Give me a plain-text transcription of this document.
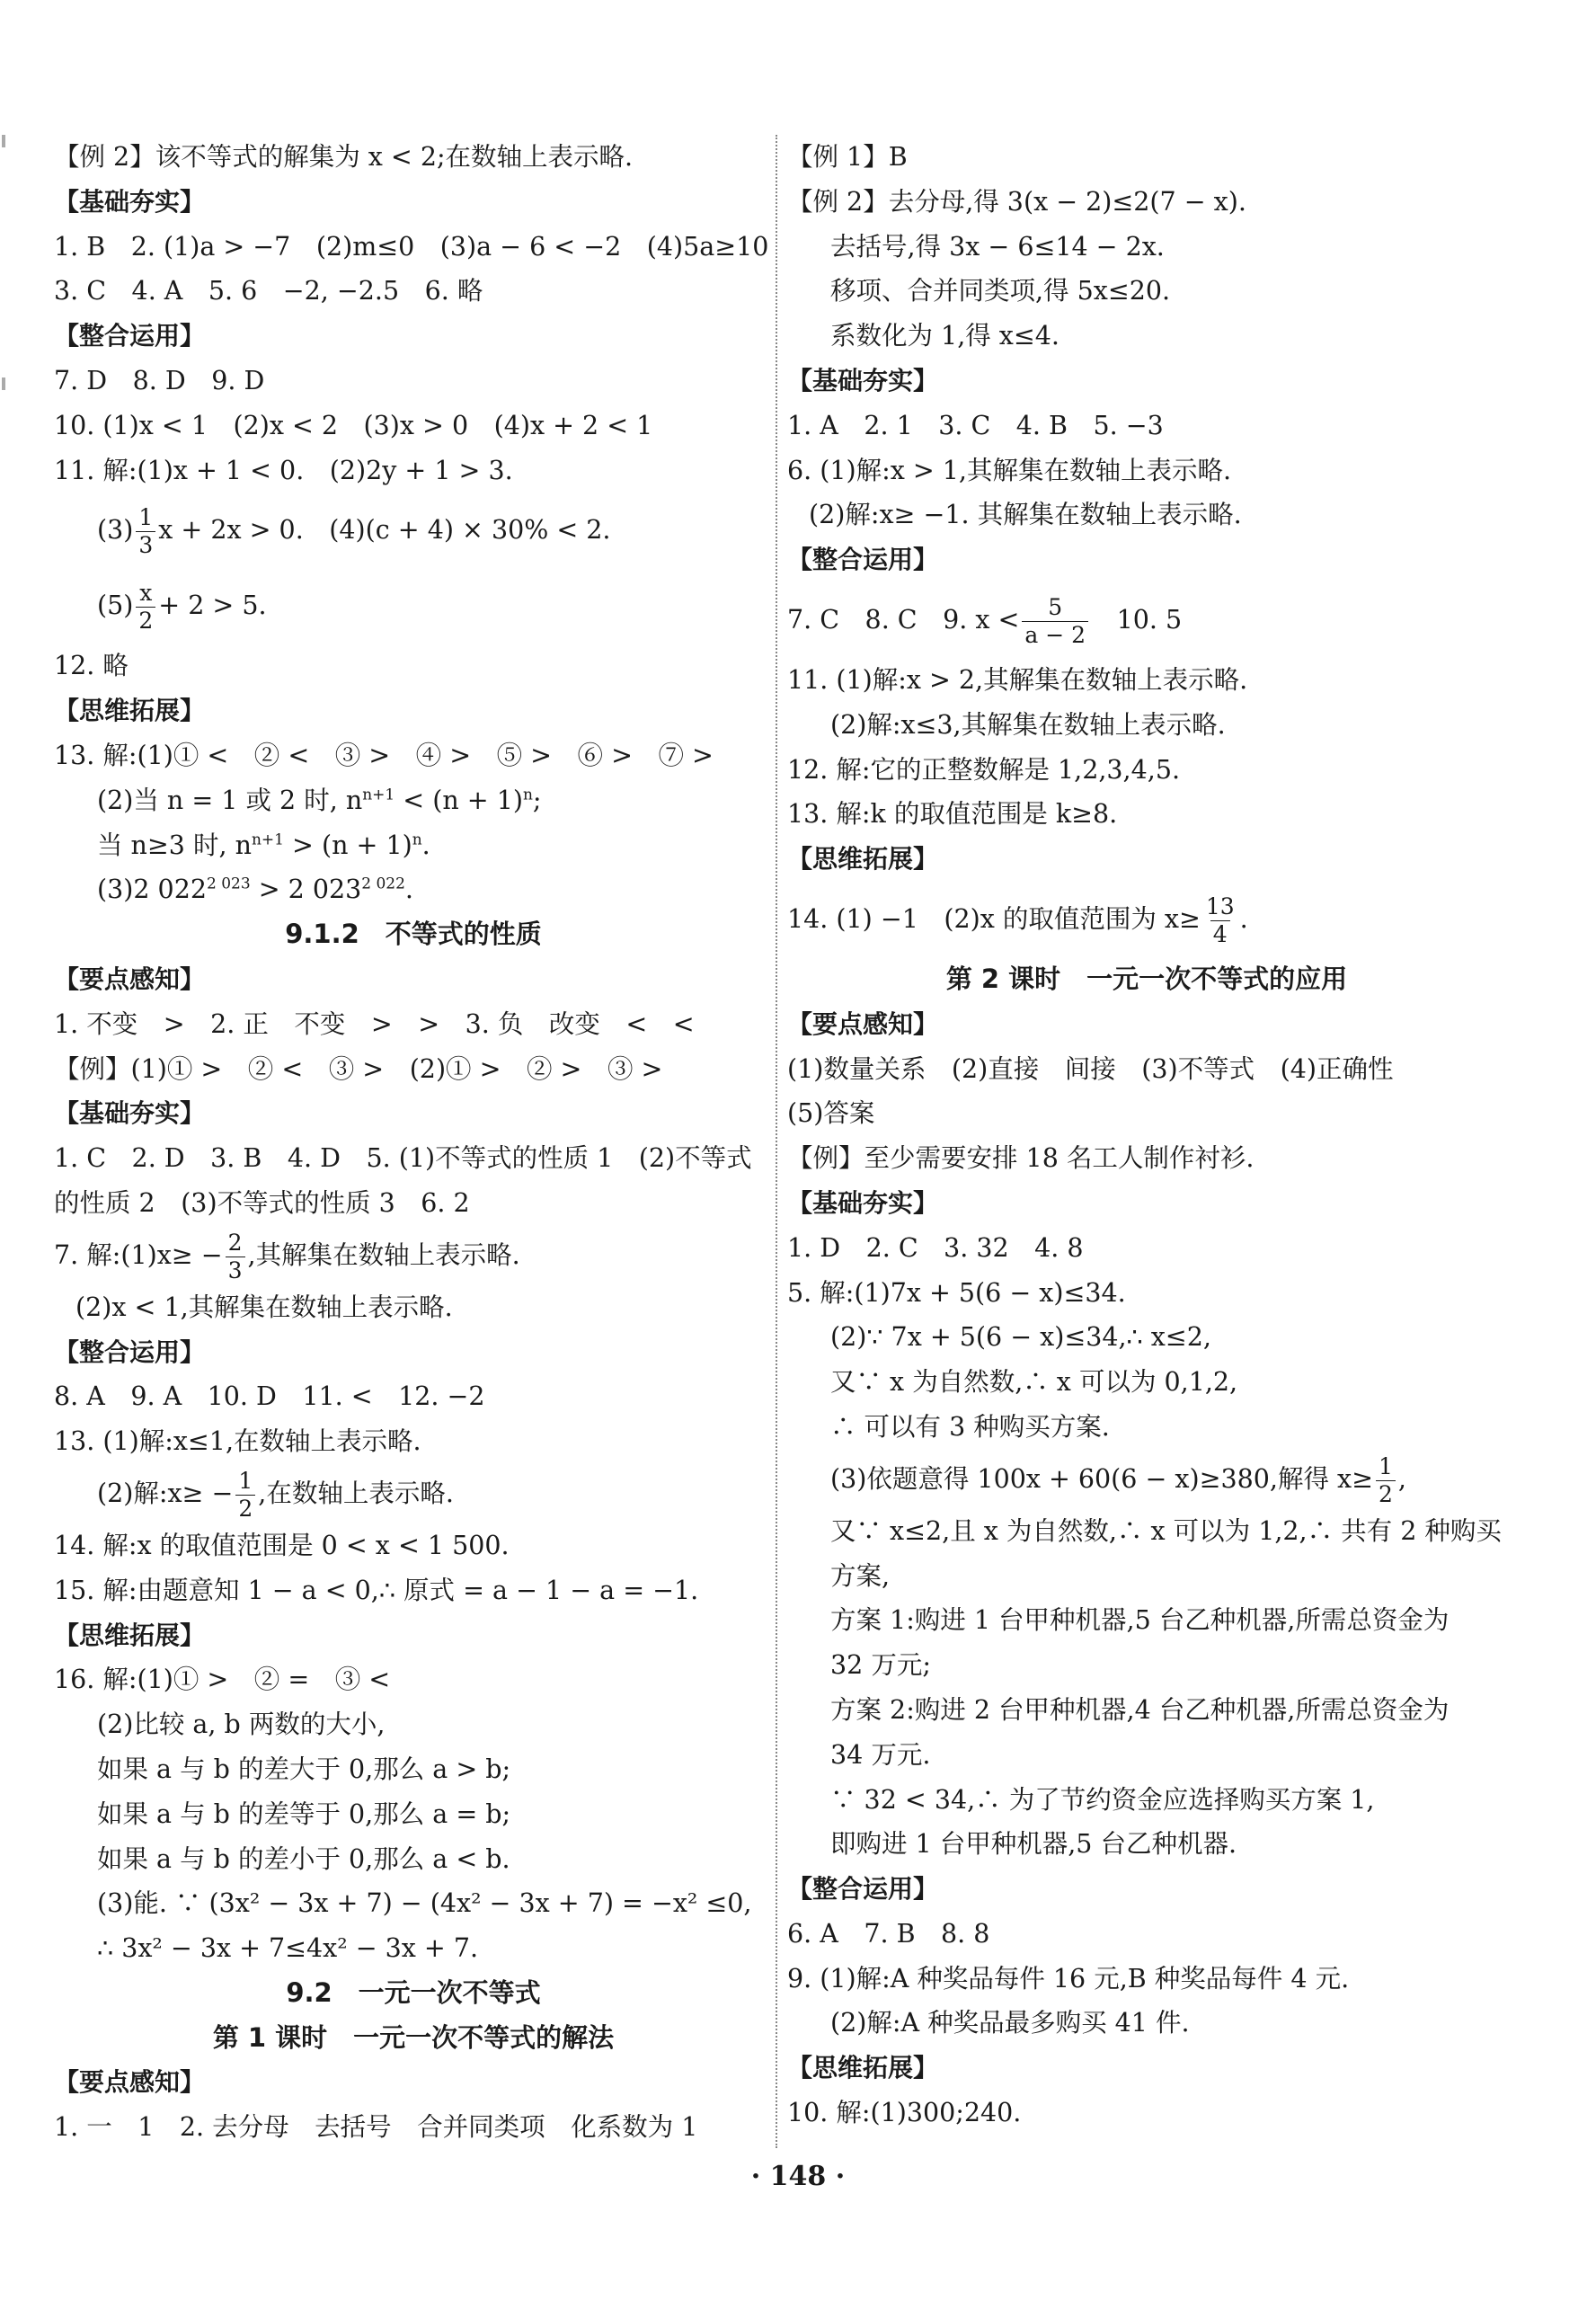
【例 2】该不等式的解集为 x < 2;在数轴上表示略.
【基础夯实】
1. B　2. (1)a > −7　(2)m≤0　(3)a − 6 < −2　(4)5a≥10
3. C　4. A　5. 6　−2, −2.5　6. 略
【整合运用】
7. D　8. D　9. D
10. (1)x < 1　(2)x < 2　(3)x > 0　(4)x + 2 < 1
11. 解:(1)x + 1 < 0.　(2)2y + 1 > 3.
$(3) \frac{1}{3}$ x + 2x > 0.　(4)(c + 4) × 30% < 2.
$(5) \frac{x}{2} + 2 > 5$.
12. 略
【思维拓展】
13. 解:(1)① <　② <　③ >　④ >　⑤ >　⑥ >　⑦ >
(2)当 n = 1 或 2 时, $n^{n+1} < (n + 1)^n$;
当 n≥3 时, $n^{n+1} > (n + 1)^n$.
(3)2 $022^{2 023} > 2$ $023^{2 022}$.
9.1.2　不等式的性质
【要点感知】
1. 不变　>　2. 正　不变　>　>　3. 负　改变　<　<
【例】(1)① >　② <　③ >　(2)① >　② >　③ >
【基础夯实】
1. C　2. D　3. B　4. D　5. (1)不等式的性质 1　(2)不等式
的性质 2　(3)不等式的性质 3　6. 2
7. 解:(1)x≥ − $\frac{2}{3}$ ,其解集在数轴上表示略.
(2)x < 1,其解集在数轴上表示略.
【整合运用】
8. A　9. A　10. D　11. <　12. −2
13. (1)解:x≤1,在数轴上表示略.
(2)解:x≥ − $\frac{1}{2}$ ,在数轴上表示略.
14. 解:x 的取值范围是 0 < x < 1 500.
15. 解:由题意知 1 − a < 0,∴ 原式 = a − 1 − a = −1.
【思维拓展】
16. 解:(1)① >　② =　③ <
(2)比较 a, b 两数的大小,
如果 a 与 b 的差大于 0,那么 a > b;
如果 a 与 b 的差等于 0,那么 a = b;
如果 a 与 b 的差小于 0,那么 a < b.
(3)能. ∵ (3x² − 3x + 7) − (4x² − 3x + 7) = −x² ≤0,
∴ 3x² − 3x + 7≤4x² − 3x + 7.
9.2　一元一次不等式
第 1 课时　一元一次不等式的解法
【要点感知】
1. 一　1　2. 去分母　去括号　合并同类项　化系数为 1
【例 1】B
【例 2】去分母,得 3(x − 2)≤2(7 − x).
去括号,得 3x − 6≤14 − 2x.
移项、合并同类项,得 5x≤20.
系数化为 1,得 x≤4.
【基础夯实】
1. A　2. 1　3. C　4. B　5. −3
6. (1)解:x > 1,其解集在数轴上表示略.
(2)解:x≥ −1. 其解集在数轴上表示略.
【整合运用】
7. C　8. C　9. $x < \frac{5}{a - 2}$
　 10. 5
11. (1)解:x > 2,其解集在数轴上表示略.
(2)解:x≤3,其解集在数轴上表示略.
12. 解:它的正整数解是 1,2,3,4,5.
13. 解:k 的取值范围是 k≥8.
【思维拓展】
14. (1) −1　(2)x 的取值范围为 $x\ge \frac{13}{4}$ .
第 2 课时　一元一次不等式的应用
【要点感知】
(1)数量关系　(2)直接　间接　(3)不等式　(4)正确性
(5)答案
【例】至少需要安排 18 名工人制作衬衫.
【基础夯实】
1. D　2. C　3. 32　4. 8
5. 解:(1)7x + 5(6 − x)≤34.
(2)∵ 7x + 5(6 − x)≤34,∴ x≤2,
又∵ x 为自然数,∴ x 可以为 0,1,2,
∴ 可以有 3 种购买方案.
(3)依题意得 100x + 60(6 − x)≥380,解得 $x\ge \frac{1}{2}$ ,
又∵ x≤2,且 x 为自然数,∴ x 可以为 1,2,∴ 共有 2 种购买
方案,
方案 1:购进 1 台甲种机器,5 台乙种机器,所需总资金为
32 万元;
方案 2:购进 2 台甲种机器,4 台乙种机器,所需总资金为
34 万元.
∵ 32 < 34,∴ 为了节约资金应选择购买方案 1,
即购进 1 台甲种机器,5 台乙种机器.
【整合运用】
6. A　7. B　8. 8
9. (1)解:A 种奖品每件 16 元,B 种奖品每件 4 元.
(2)解:A 种奖品最多购买 41 件.
【思维拓展】
10. 解:(1)300;240.
· 148 ·
